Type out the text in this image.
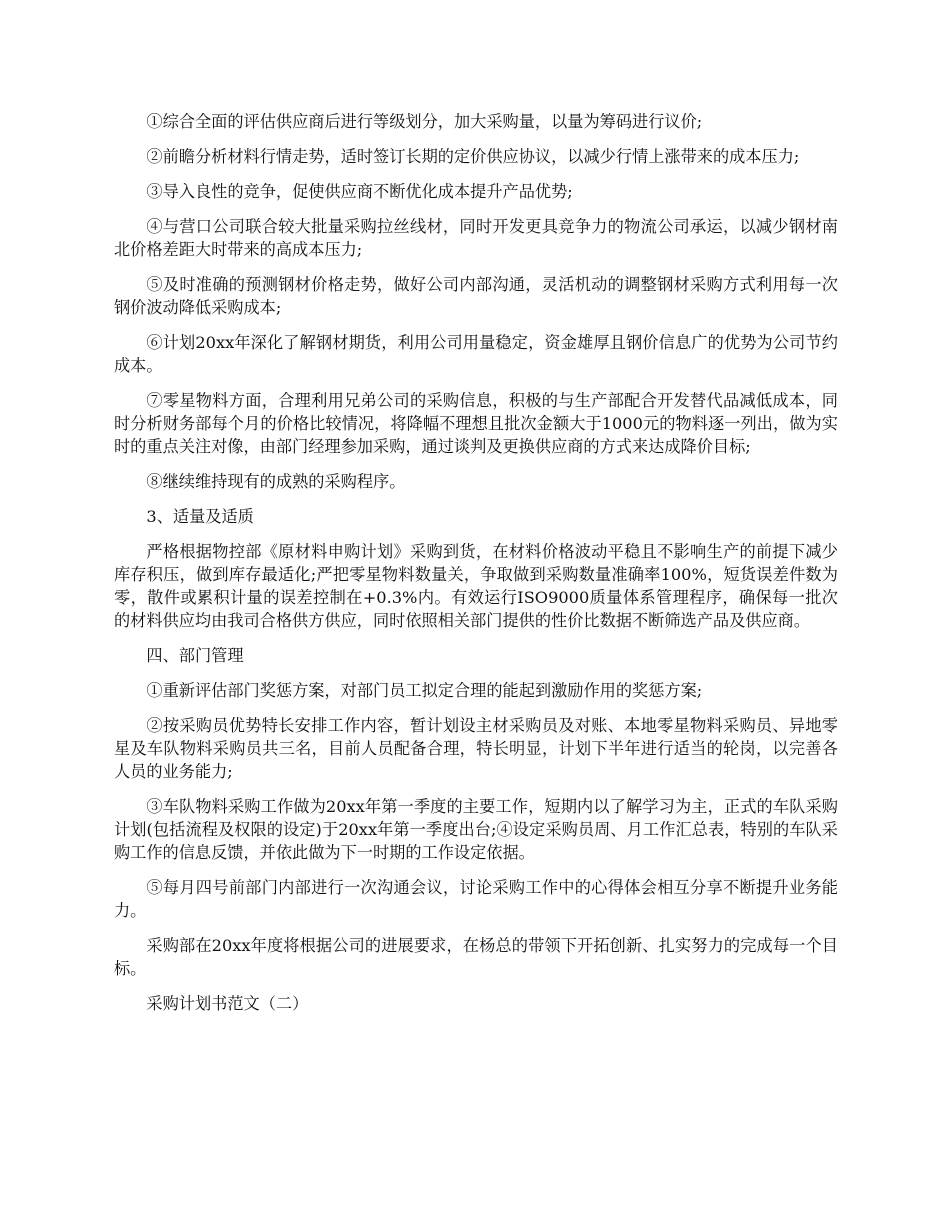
①综合全面的评估供应商后进行等级划分，加大采购量，以量为筹码进行议价;

②前瞻分析材料行情走势，适时签订长期的定价供应协议，以减少行情上涨带来的成本压力;

③导入良性的竞争，促使供应商不断优化成本提升产品优势;

④与营口公司联合较大批量采购拉丝线材，同时开发更具竞争力的物流公司承运，以减少钢材南北价格差距大时带来的高成本压力;

⑤及时准确的预测钢材价格走势，做好公司内部沟通，灵活机动的调整钢材采购方式利用每一次钢价波动降低采购成本;

⑥计划20xx年深化了解钢材期货，利用公司用量稳定，资金雄厚且钢价信息广的优势为公司节约成本。

⑦零星物料方面，合理利用兄弟公司的采购信息，积极的与生产部配合开发替代品减低成本，同时分析财务部每个月的价格比较情况，将降幅不理想且批次金额大于1000元的物料逐一列出，做为实时的重点关注对像，由部门经理参加采购，通过谈判及更换供应商的方式来达成降价目标;

⑧继续维持现有的成熟的采购程序。

3、适量及适质

严格根据物控部《原材料申购计划》采购到货，在材料价格波动平稳且不影响生产的前提下减少库存积压，做到库存最适化;严把零星物料数量关，争取做到采购数量准确率100%，短货误差件数为零，散件或累积计量的误差控制在+0.3%内。有效运行ISO9000质量体系管理程序，确保每一批次的材料供应均由我司合格供方供应，同时依照相关部门提供的性价比数据不断筛选产品及供应商。

四、部门管理

①重新评估部门奖惩方案，对部门员工拟定合理的能起到激励作用的奖惩方案;

②按采购员优势特长安排工作内容，暂计划设主材采购员及对账、本地零星物料采购员、异地零星及车队物料采购员共三名，目前人员配备合理，特长明显，计划下半年进行适当的轮岗，以完善各人员的业务能力;

③车队物料采购工作做为20xx年第一季度的主要工作，短期内以了解学习为主，正式的车队采购计划(包括流程及权限的设定)于20xx年第一季度出台;④设定采购员周、月工作汇总表，特别的车队采购工作的信息反馈，并依此做为下一时期的工作设定依据。

⑤每月四号前部门内部进行一次沟通会议，讨论采购工作中的心得体会相互分享不断提升业务能力。

采购部在20xx年度将根据公司的进展要求，在杨总的带领下开拓创新、扎实努力的完成每一个目标。

采购计划书范文（二）
